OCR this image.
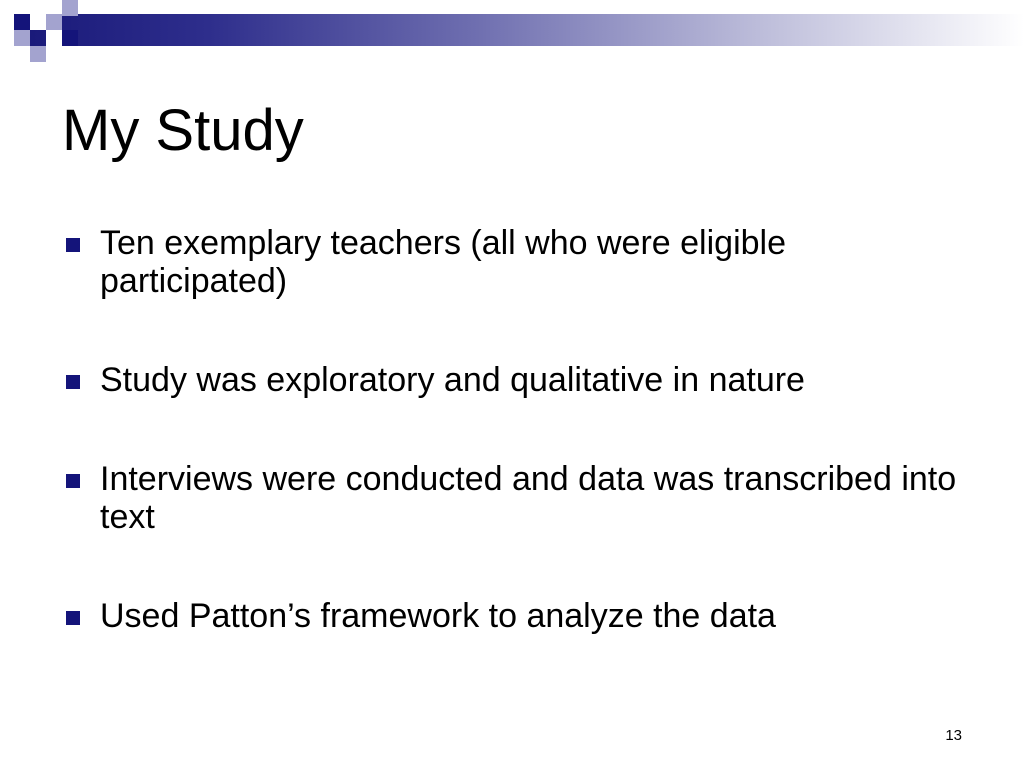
My Study
Ten exemplary teachers (all who were eligible participated)
Study was exploratory and qualitative in nature
Interviews were conducted and data was transcribed into text
Used Patton’s framework to analyze the data
13
